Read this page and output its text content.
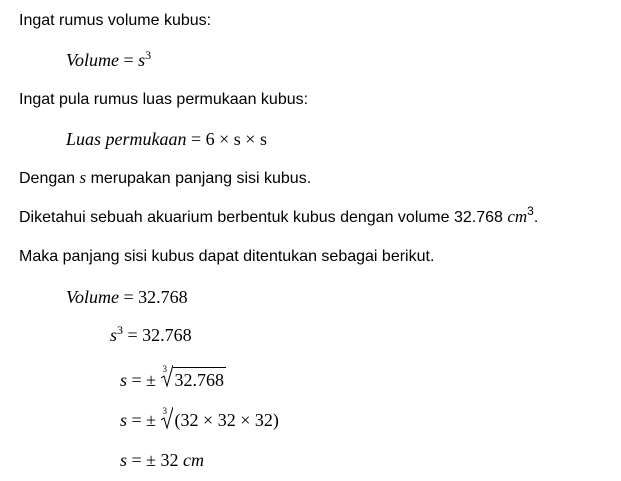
Ingat rumus volume kubus:
Volume = $s^3$
Ingat pula rumus luas permukaan kubus:
Luas permukaan = 6 × s × s
Dengan s merupakan panjang sisi kubus.
Diketahui sebuah akuarium berbentuk kubus dengan volume 32.768 $cm^3$.
Maka panjang sisi kubus dapat ditentukan sebagai berikut.
Volume = 32.768
$s^3 = 32.768$
s = ±
3
32.768
s = ± 3 (32 × 32 × 32)
s = ± 32 cm
